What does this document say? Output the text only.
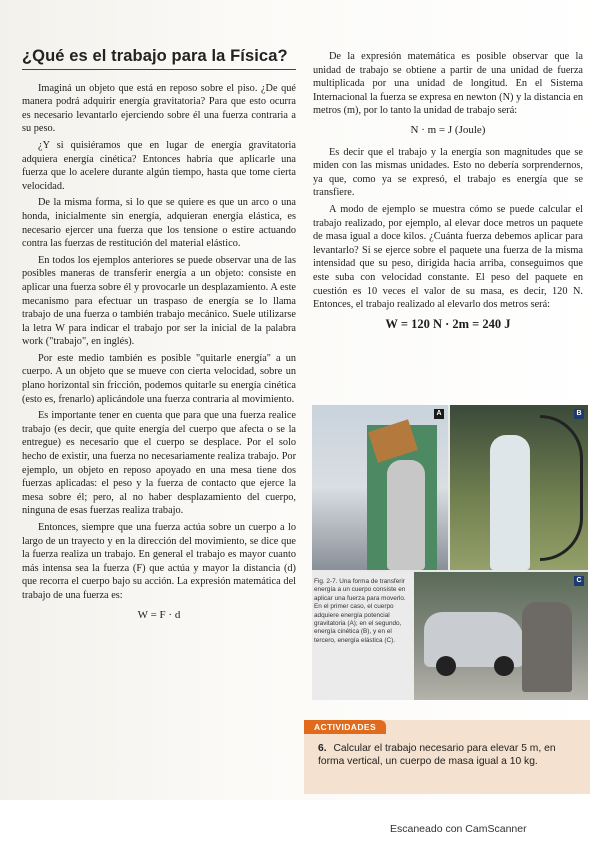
¿Qué es el trabajo para la Física?

Imaginá un objeto que está en reposo sobre el piso. ¿De qué manera podrá adquirir energía gravitatoria? Para que esto ocurra es necesario levantarlo ejerciendo sobre él una fuerza contraria a su peso.

¿Y si quisiéramos que en lugar de energía gravitatoria adquiera energía cinética? Entonces habría que aplicarle una fuerza que lo acelere durante algún tiempo, hasta que tome cierta velocidad.

De la misma forma, si lo que se quiere es que un arco o una honda, inicialmente sin energía, adquieran energía elástica, es necesario ejercer una fuerza que los tensione o estire actuando contra las fuerzas de restitución del material elástico.

En todos los ejemplos anteriores se puede observar una de las posibles maneras de transferir energía a un objeto: consiste en aplicar una fuerza sobre él y provocarle un desplazamiento. A este mecanismo para efectuar un traspaso de energía se lo llama trabajo de una fuerza o también trabajo mecánico. Suele utilizarse la letra W para indicar el trabajo por ser la inicial de la palabra work ("trabajo", en inglés).

Por este medio también es posible "quitarle energía" a un cuerpo. A un objeto que se mueve con cierta velocidad, sobre un plano horizontal sin fricción, podemos quitarle su energía cinética (esto es, frenarlo) aplicándole una fuerza contraria al movimiento.

Es importante tener en cuenta que para que una fuerza realice trabajo (es decir, que quite energía del cuerpo que afecta o se la entregue) es necesario que el cuerpo se desplace. Por el solo hecho de existir, una fuerza no necesariamente realiza trabajo. Por ejemplo, un objeto en reposo apoyado en una mesa tiene dos fuerzas aplicadas: el peso y la fuerza de contacto que ejerce la mesa sobre él; pero, al no haber desplazamiento del cuerpo, ninguna de esas fuerzas realiza trabajo.

Entonces, siempre que una fuerza actúa sobre un cuerpo a lo largo de un trayecto y en la dirección del movimiento, se dice que la fuerza realiza un trabajo. En general el trabajo es mayor cuanto más intensa sea la fuerza (F) que actúa y mayor la distancia (d) que recorra el cuerpo bajo su acción. La expresión matemática del trabajo de una fuerza es:

W = F · d

De la expresión matemática es posible observar que la unidad de trabajo se obtiene a partir de una unidad de fuerza multiplicada por una unidad de longitud. En el Sistema Internacional la fuerza se expresa en newton (N) y la distancia en metros (m), por lo tanto la unidad de trabajo será:

N · m = J (Joule)

Es decir que el trabajo y la energía son magnitudes que se miden con las mismas unidades. Esto no debería sorprendernos, ya que, como ya se expresó, el trabajo es energía que se transfiere.

A modo de ejemplo se muestra cómo se puede calcular el trabajo realizado, por ejemplo, al elevar doce metros un paquete de masa igual a doce kilos. ¿Cuánta fuerza debemos aplicar para levantarlo? Si se ejerce sobre el paquete una fuerza de la misma intensidad que su peso, dirigida hacia arriba, conseguimos que este suba con velocidad constante. El peso del paquete en cuestión es 10 veces el valor de su masa, es decir, 120 N. Entonces, el trabajo realizado al elevarlo dos metros será:

W = 120 N · 2m = 240 J

A	B
Fig. 2-7. Una forma de transferir energía a un cuerpo consiste en aplicar una fuerza para moverlo. En el primer caso, el cuerpo adquiere energía potencial gravitatoria (A); en el segundo, energía cinética (B), y en el tercero, energía elástica (C).
C
ACTIVIDADES
6. Calcular el trabajo necesario para elevar 5 m, en forma vertical, un cuerpo de masa igual a 10 kg.
Escaneado con CamScanner
